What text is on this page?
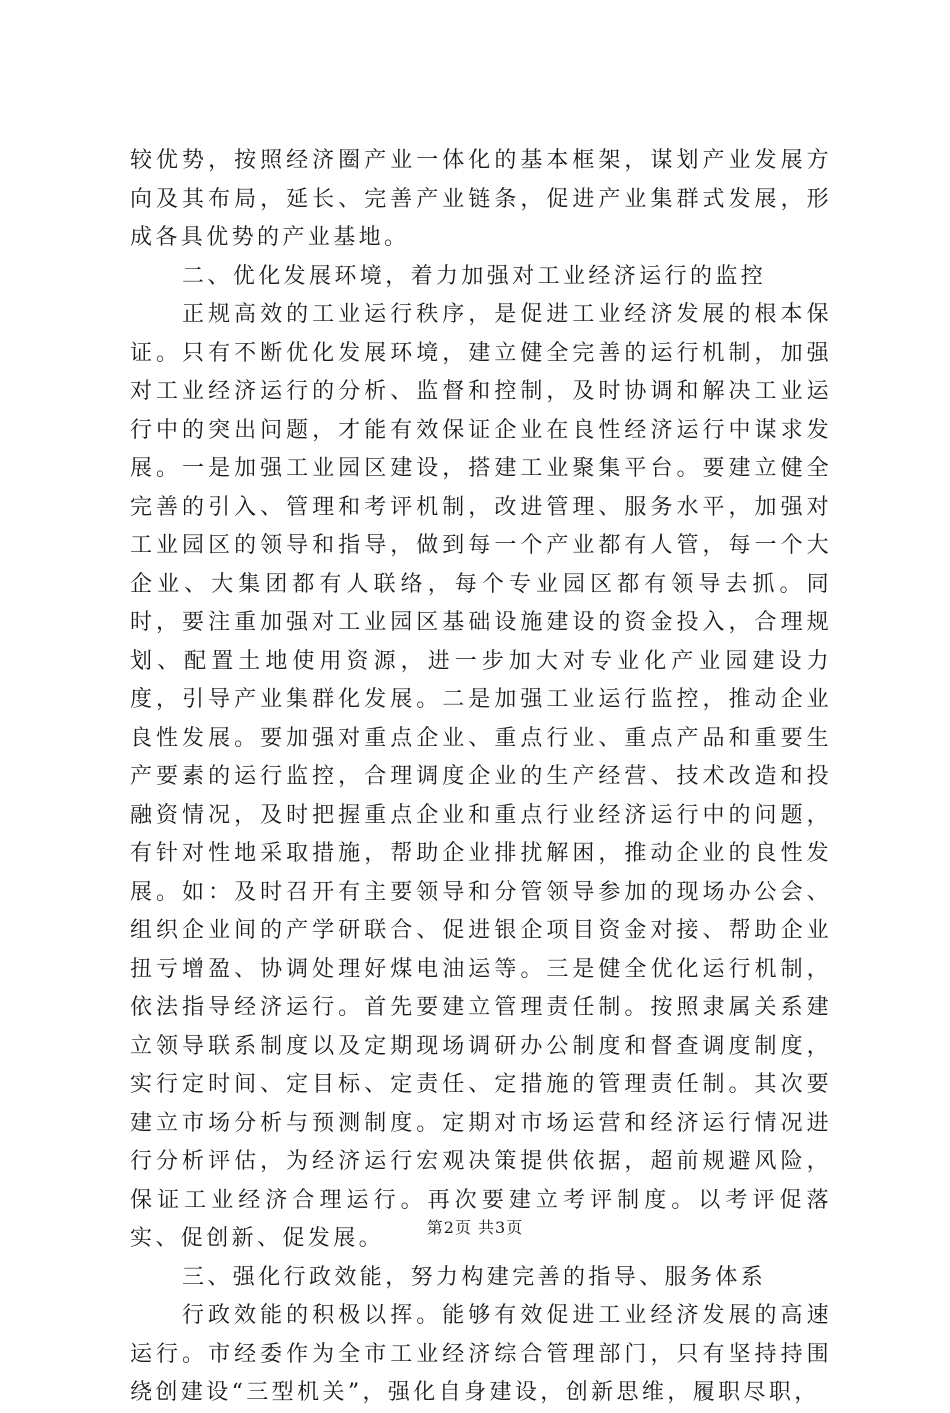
较优势，按照经济圈产业一体化的基本框架，谋划产业发展方向及其布局，延长、完善产业链条，促进产业集群式发展，形成各具优势的产业基地。

二、优化发展环境，着力加强对工业经济运行的监控

正规高效的工业运行秩序，是促进工业经济发展的根本保证。只有不断优化发展环境，建立健全完善的运行机制，加强对工业经济运行的分析、监督和控制，及时协调和解决工业运行中的突出问题，才能有效保证企业在良性经济运行中谋求发展。一是加强工业园区建设，搭建工业聚集平台。要建立健全完善的引入、管理和考评机制，改进管理、服务水平，加强对工业园区的领导和指导，做到每一个产业都有人管，每一个大企业、大集团都有人联络，每个专业园区都有领导去抓。同时，要注重加强对工业园区基础设施建设的资金投入，合理规划、配置土地使用资源，进一步加大对专业化产业园建设力度，引导产业集群化发展。二是加强工业运行监控，推动企业良性发展。要加强对重点企业、重点行业、重点产品和重要生产要素的运行监控，合理调度企业的生产经营、技术改造和投融资情况，及时把握重点企业和重点行业经济运行中的问题，有针对性地采取措施，帮助企业排扰解困，推动企业的良性发展。如：及时召开有主要领导和分管领导参加的现场办公会、组织企业间的产学研联合、促进银企项目资金对接、帮助企业扭亏增盈、协调处理好煤电油运等。三是健全优化运行机制，依法指导经济运行。首先要建立管理责任制。按照隶属关系建立领导联系制度以及定期现场调研办公制度和督查调度制度，实行定时间、定目标、定责任、定措施的管理责任制。其次要建立市场分析与预测制度。定期对市场运营和经济运行情况进行分析评估，为经济运行宏观决策提供依据，超前规避风险，保证工业经济合理运行。再次要建立考评制度。以考评促落实、促创新、促发展。

三、强化行政效能，努力构建完善的指导、服务体系

行政效能的积极以挥。能够有效促进工业经济发展的高速运行。市经委作为全市工业经济综合管理部门，只有坚持持围绕创建设“三型机关”，强化自身建设，创新思维，履职尽职，

第2页 共3页
